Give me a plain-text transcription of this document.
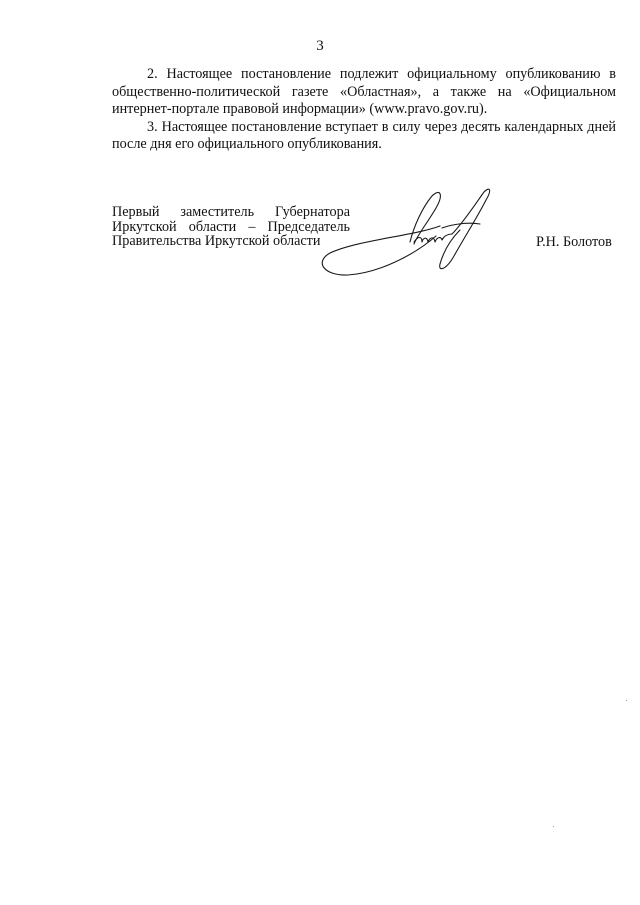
3

2. Настоящее постановление подлежит официальному опубликованию в общественно-политической газете «Областная», а также на «Официальном интернет-портале правовой информации» (www.pravo.gov.ru).

3. Настоящее постановление вступает в силу через десять календарных дней после дня его официального опубликования.

Первый заместитель Губернатора
Иркутской области – Председатель
Правительства Иркутской области	Р.Н. Болотов
